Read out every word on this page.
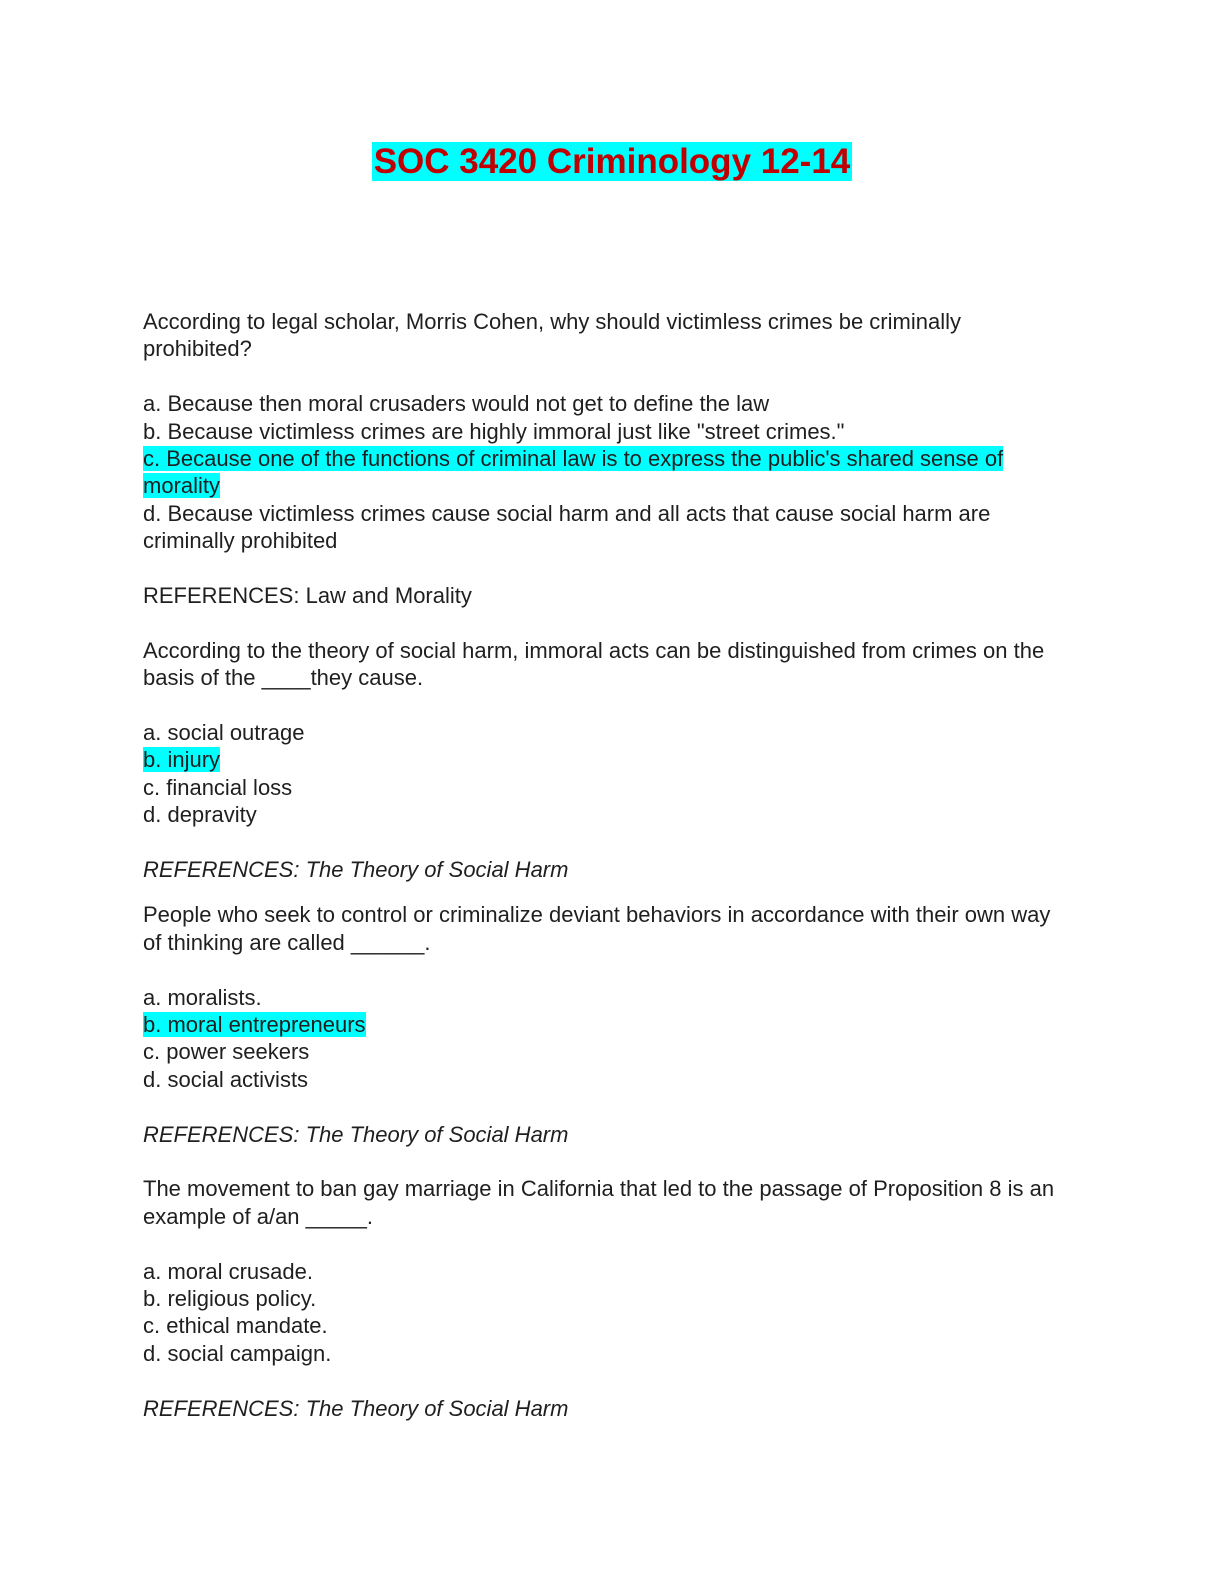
SOC 3420 Criminology 12-14

According to legal scholar, Morris Cohen, why should victimless crimes be criminally prohibited?

a. Because then moral crusaders would not get to define the law

b. Because victimless crimes are highly immoral just like "street crimes."

c. Because one of the functions of criminal law is to express the public's shared sense of morality

d. Because victimless crimes cause social harm and all acts that cause social harm are criminally prohibited

REFERENCES: Law and Morality

According to the theory of social harm, immoral acts can be distinguished from crimes on the basis of the ____they cause.

a. social outrage

b. injury

c. financial loss

d. depravity

REFERENCES: The Theory of Social Harm

People who seek to control or criminalize deviant behaviors in accordance with their own way of thinking are called ______.

a. moralists.

b. moral entrepreneurs

c. power seekers

d. social activists

REFERENCES: The Theory of Social Harm

The movement to ban gay marriage in California that led to the passage of Proposition 8 is an example of a/an _____.

a. moral crusade.

b. religious policy.

c. ethical mandate.

d. social campaign.

REFERENCES: The Theory of Social Harm
